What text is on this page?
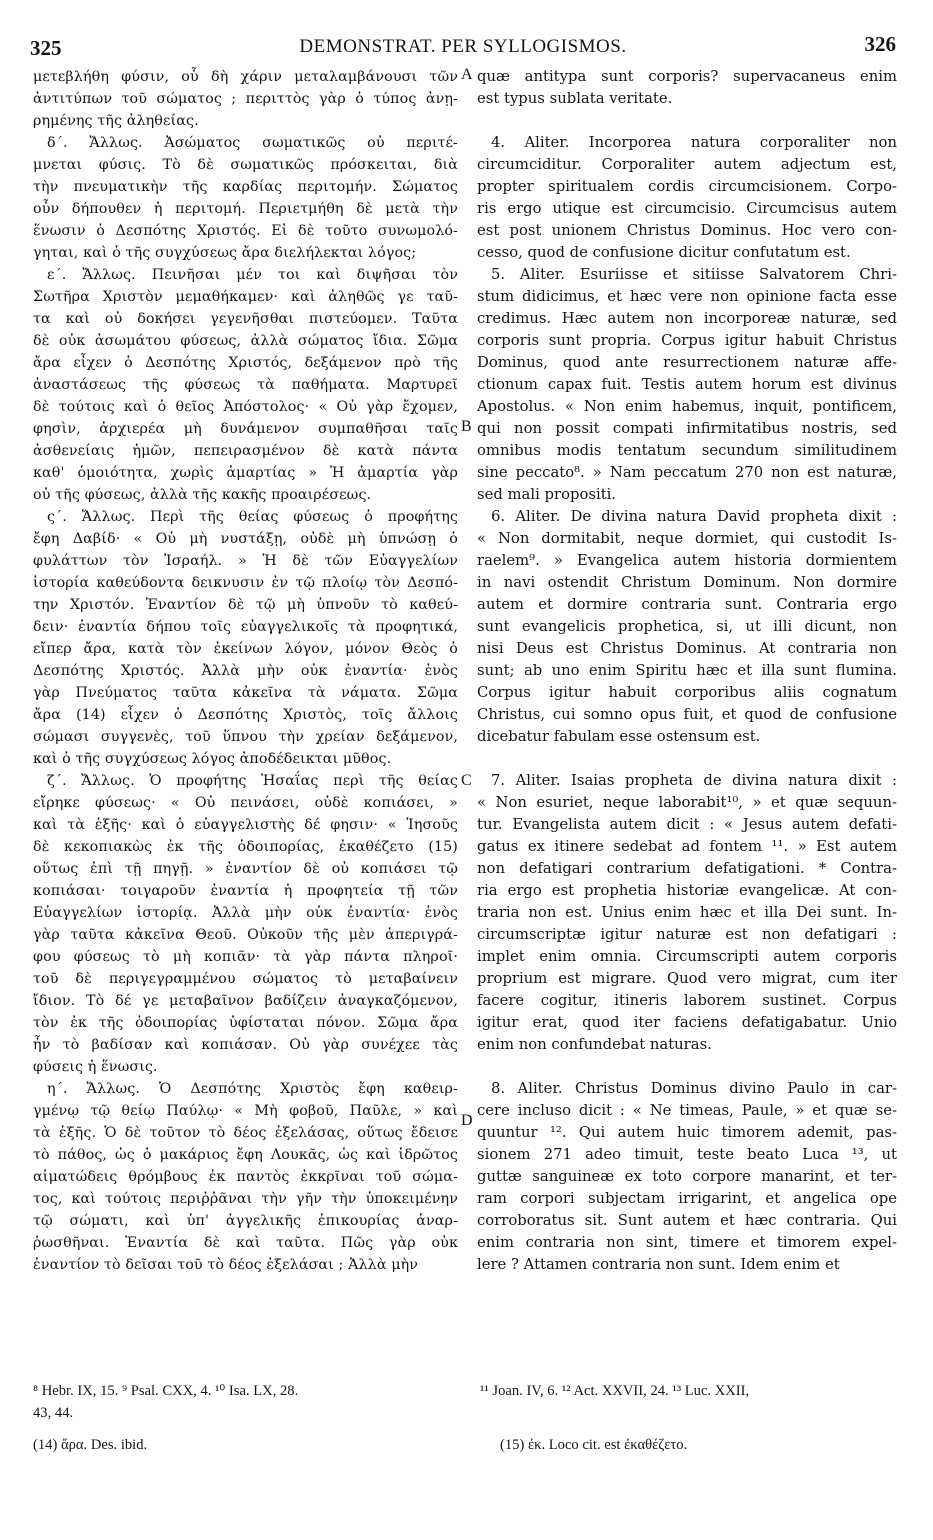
325	DEMONSTRAT. PER SYLLOGISMOS.	326
μετεβλήθη φύσιν, οὗ δὴ χάριν μεταλαμβάνουσι τῶν
ἀντιτύπων τοῦ σώματος ; περιττὸς γὰρ ὁ τύπος ἀνῃ-
ρημένης τῆς ἀληθείας.
δ΄. Ἄλλως. Ἀσώματος σωματικῶς οὐ περιτέ-
μνεται φύσις. Τὸ δὲ σωματικῶς πρόσκειται, διὰ
τὴν πνευματικὴν τῆς καρδίας περιτομήν. Σώματος
οὖν δήπουθεν ἡ περιτομή. Περιετμήθη δὲ μετὰ τὴν
ἕνωσιν ὁ Δεσπότης Χριστός. Εἰ δὲ τοῦτο συνωμολό-
γηται, καὶ ὁ τῆς συγχύσεως ἄρα διελήλεκται λόγος;
ε΄. Ἄλλως. Πεινῆσαι μέν τοι καὶ διψῆσαι τὸν
Σωτῆρα Χριστὸν μεμαθήκαμεν· καὶ ἀληθῶς γε ταῦ-
τα καὶ οὐ δοκήσει γεγενῆσθαι πιστεύομεν. Ταῦτα
δὲ οὐκ ἀσωμάτου φύσεως, ἀλλὰ σώματος ἴδια. Σῶμα
ἄρα εἶχεν ὁ Δεσπότης Χριστός, δεξάμενον πρὸ τῆς
ἀναστάσεως τῆς φύσεως τὰ παθήματα. Μαρτυρεῖ
δὲ τούτοις καὶ ὁ θεῖος Ἀπόστολος· « Οὐ γὰρ ἔχομεν,
φησὶν, ἀρχιερέα μὴ δυνάμενον συμπαθῆσαι ταῖς
ἀσθενείαις ἡμῶν, πεπειρασμένον δὲ κατὰ πάντα
καθ' ὁμοιότητα, χωρὶς ἁμαρτίας » Ἡ ἁμαρτία γὰρ
οὐ τῆς φύσεως, ἀλλὰ τῆς κακῆς προαιρέσεως.
ς΄. Ἄλλως. Περὶ τῆς θείας φύσεως ὁ προφήτης
ἔφη Δαβίδ· « Οὐ μὴ νυστάξῃ, οὐδὲ μὴ ὑπνώσῃ ὁ
φυλάττων τὸν Ἰσραήλ. » Ἡ δὲ τῶν Εὐαγγελίων
ἱστορία καθεύδοντα δεικνυσιν ἐν τῷ πλοίῳ τὸν Δεσπό-
την Χριστόν. Ἐναντίον δὲ τῷ μὴ ὑπνοῦν τὸ καθεύ-
δειν· ἐναντία δήπου τοῖς εὐαγγελικοῖς τὰ προφητικά,
εἴπερ ἄρα, κατὰ τὸν ἐκείνων λόγον, μόνον Θεὸς ὁ
Δεσπότης Χριστός. Ἀλλὰ μὴν οὐκ ἐναντία· ἑνὸς
γὰρ Πνεύματος ταῦτα κἀκεῖνα τὰ νάματα. Σῶμα
ἄρα (14) εἶχεν ὁ Δεσπότης Χριστὸς, τοῖς ἄλλοις
σώμασι συγγενὲς, τοῦ ὕπνου τὴν χρείαν δεξάμενον,
καὶ ὁ τῆς συγχύσεως λόγος ἀποδέδεικται μῦθος.
ζ΄. Ἄλλως. Ὁ προφήτης Ἡσαΐας περὶ τῆς θείας
εἴρηκε φύσεως· « Οὐ πεινάσει, οὐδὲ κοπιάσει, »
καὶ τὰ ἑξῆς· καὶ ὁ εὐαγγελιστὴς δέ φησιν· « Ἰησοῦς
δὲ κεκοπιακὼς ἐκ τῆς ὁδοιπορίας, ἐκαθέζετο (15)
οὕτως ἐπὶ τῇ πηγῇ. » ἐναντίον δὲ οὐ κοπιάσει τῷ
κοπιάσαι· τοιγαροῦν ἐναντία ἡ προφητεία τῇ τῶν
Εὐαγγελίων ἱστορίᾳ. Ἀλλὰ μὴν οὐκ ἐναντία· ἑνὸς
γὰρ ταῦτα κἀκεῖνα Θεοῦ. Οὐκοῦν τῆς μὲν ἀπεριγρά-
φου φύσεως τὸ μὴ κοπιᾶν· τὰ γὰρ πάντα πληροῖ·
τοῦ δὲ περιγεγραμμένου σώματος τὸ μεταβαίνειν
ἴδιον. Τὸ δέ γε μεταβαῖνον βαδίζειν ἀναγκαζόμενον,
τὸν ἐκ τῆς ὁδοιπορίας ὑφίσταται πόνον. Σῶμα ἄρα
ἦν τὸ βαδίσαν καὶ κοπιάσαν. Οὐ γὰρ συνέχεε τὰς
φύσεις ἡ ἕνωσις.
η΄. Ἄλλως. Ὁ Δεσπότης Χριστὸς ἔφη καθειρ-
γμένῳ τῷ θείῳ Παύλῳ· « Μὴ φοβοῦ, Παῦλε, » καὶ
τὰ ἑξῆς. Ὁ δὲ τοῦτον τὸ δέος ἐξελάσας, οὕτως ἔδεισε
τὸ πάθος, ὡς ὁ μακάριος ἔφη Λουκᾶς, ὡς καὶ ἱδρῶτος
αἱματώδεις θρόμβους ἐκ παντὸς ἐκκρῖναι τοῦ σώμα-
τος, καὶ τούτοις περιῤῥᾶναι τὴν γῆν τὴν ὑποκειμένην
τῷ σώματι, καὶ ὑπ' ἀγγελικῆς ἐπικουρίας ἀναρ-
ῥωσθῆναι. Ἐναντία δὲ καὶ ταῦτα. Πῶς γὰρ οὐκ
ἐναντίον τὸ δεῖσαι τοῦ τὸ δέος ἐξελάσαι ; Ἀλλὰ μὴν
quæ antitypa sunt corporis? supervacaneus enim
est typus sublata veritate.
4. Aliter. Incorporea natura corporaliter non
circumciditur. Corporaliter autem adjectum est,
propter spiritualem cordis circumcisionem. Corpo-
ris ergo utique est circumcisio. Circumcisus autem
est post unionem Christus Dominus. Hoc vero con-
cesso, quod de confusione dicitur confutatum est.
5. Aliter. Esuriisse et sitiisse Salvatorem Chri-
stum didicimus, et hæc vere non opinione facta esse
credimus. Hæc autem non incorporeæ naturæ, sed
corporis sunt propria. Corpus igitur habuit Christus
Dominus, quod ante resurrectionem naturæ affe-
ctionum capax fuit. Testis autem horum est divinus
Apostolus. « Non enim habemus, inquit, pontificem,
qui non possit compati infirmitatibus nostris, sed
omnibus modis tentatum secundum similitudinem
sine peccato⁸. » Nam peccatum 270 non est naturæ,
sed mali propositi.
6. Aliter. De divina natura David propheta dixit :
« Non dormitabit, neque dormiet, qui custodit Is-
raelem⁹. » Evangelica autem historia dormientem
in navi ostendit Christum Dominum. Non dormire
autem et dormire contraria sunt. Contraria ergo
sunt evangelicis prophetica, si, ut illi dicunt, non
nisi Deus est Christus Dominus. At contraria non
sunt; ab uno enim Spiritu hæc et illa sunt flumina.
Corpus igitur habuit corporibus aliis cognatum
Christus, cui somno opus fuit, et quod de confusione
dicebatur fabulam esse ostensum est.
7. Aliter. Isaias propheta de divina natura dixit :
« Non esuriet, neque laborabit¹⁰, » et quæ sequun-
tur. Evangelista autem dicit : « Jesus autem defati-
gatus ex itinere sedebat ad fontem ¹¹. » Est autem
non defatigari contrarium defatigationi. * Contra-
ria ergo est prophetia historiæ evangelicæ. At con-
traria non est. Unius enim hæc et illa Dei sunt. In-
circumscriptæ igitur naturæ est non defatigari :
implet enim omnia. Circumscripti autem corporis
proprium est migrare. Quod vero migrat, cum iter
facere cogitur, itineris laborem sustinet. Corpus
igitur erat, quod iter faciens defatigabatur. Unio
enim non confundebat naturas.
8. Aliter. Christus Dominus divino Paulo in car-
cere incluso dicit : « Ne timeas, Paule, » et quæ se-
quuntur ¹². Qui autem huic timorem ademit, pas-
sionem 271 adeo timuit, teste beato Luca ¹³, ut
guttæ sanguineæ ex toto corpore manarint, et ter-
ram corpori subjectam irrigarint, et angelica ope
corroboratus sit. Sunt autem et hæc contraria. Qui
enim contraria non sint, timere et timorem expel-
lere ? Attamen contraria non sunt. Idem enim et
A
B
C
D
⁸ Hebr. IX, 15. ⁹ Psal. CXX, 4. ¹⁰ Isa. LX, 28.
43, 44.
¹¹ Joan. IV, 6. ¹² Act. XXVII, 24. ¹³ Luc. XXII,
(14) ἄρα. Des. ibid.	(15) ἐκ. Loco cit. est ἐκαθέζετο.
